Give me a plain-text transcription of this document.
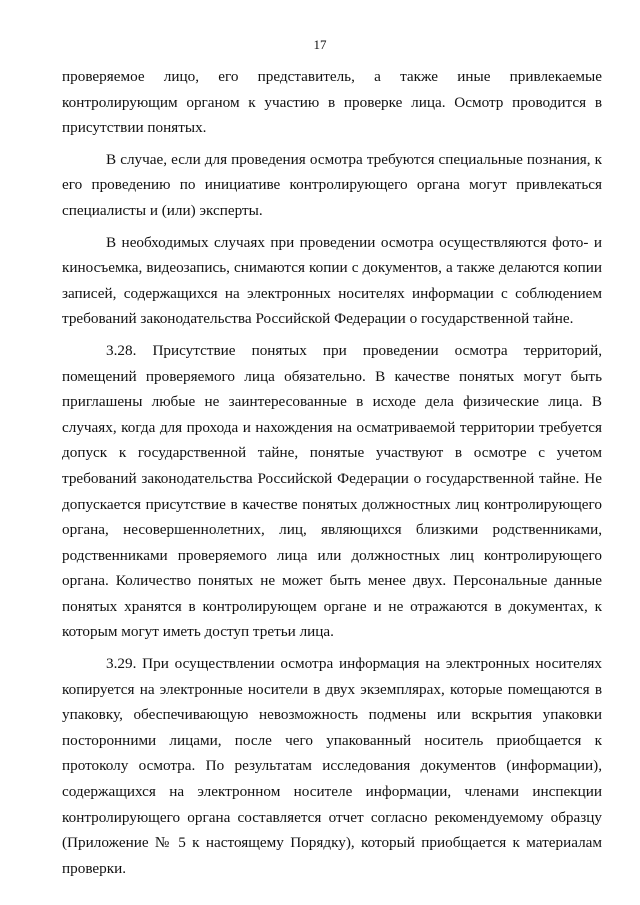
17

проверяемое лицо, его представитель, а также иные привлекаемые контролирующим органом к участию в проверке лица. Осмотр проводится в присутствии понятых.

В случае, если для проведения осмотра требуются специальные познания, к его проведению по инициативе контролирующего органа могут привлекаться специалисты и (или) эксперты.

В необходимых случаях при проведении осмотра осуществляются фото- и киносъемка, видеозапись, снимаются копии с документов, а также делаются копии записей, содержащихся на электронных носителях информации с соблюдением требований законодательства Российской Федерации о государственной тайне.

3.28. Присутствие понятых при проведении осмотра территорий, помещений проверяемого лица обязательно. В качестве понятых могут быть приглашены любые не заинтересованные в исходе дела физические лица. В случаях, когда для прохода и нахождения на осматриваемой территории требуется допуск к государственной тайне, понятые участвуют в осмотре с учетом требований законодательства Российской Федерации о государственной тайне. Не допускается присутствие в качестве понятых должностных лиц контролирующего органа, несовершеннолетних, лиц, являющихся близкими родственниками, родственниками проверяемого лица или должностных лиц контролирующего органа. Количество понятых не может быть менее двух. Персональные данные понятых хранятся в контролирующем органе и не отражаются в документах, к которым могут иметь доступ третьи лица.

3.29. При осуществлении осмотра информация на электронных носителях копируется на электронные носители в двух экземплярах, которые помещаются в упаковку, обеспечивающую невозможность подмены или вскрытия упаковки посторонними лицами, после чего упакованный носитель приобщается к протоколу осмотра. По результатам исследования документов (информации), содержащихся на электронном носителе информации, членами инспекции контролирующего органа составляется отчет согласно рекомендуемому образцу (Приложение № 5 к настоящему Порядку), который приобщается к материалам проверки.
